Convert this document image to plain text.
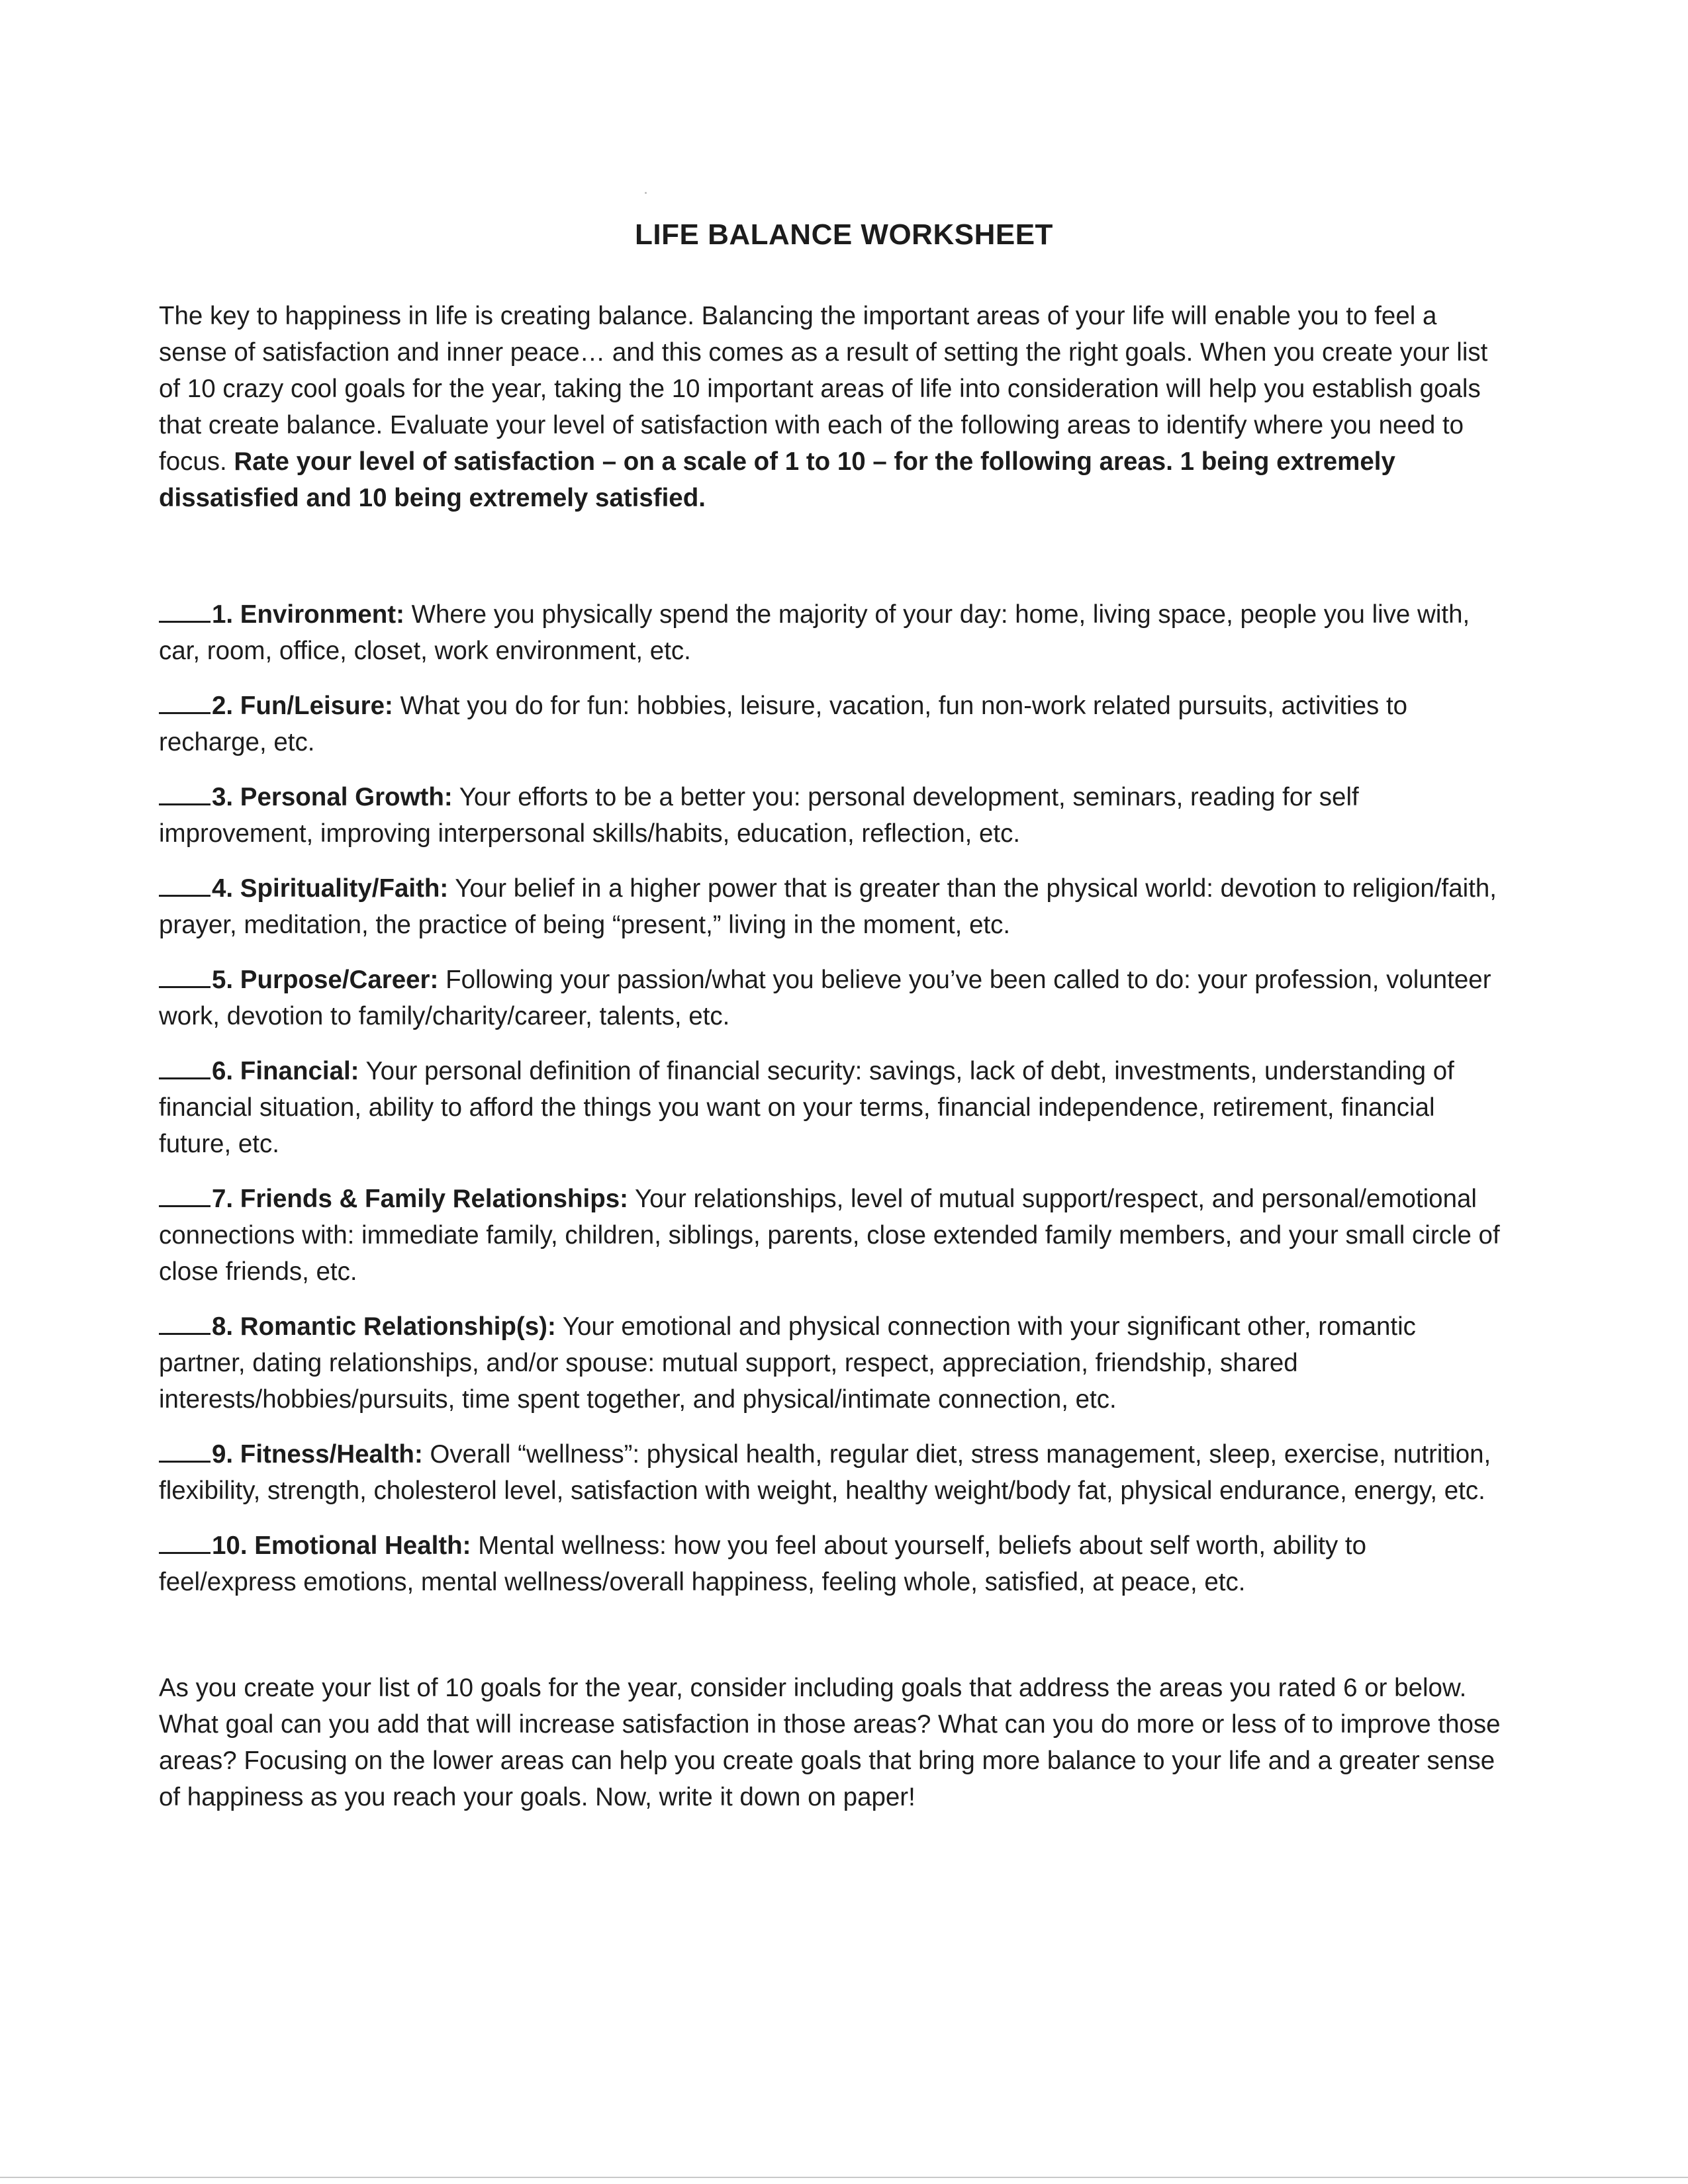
LIFE BALANCE WORKSHEET

The key to happiness in life is creating balance. Balancing the important areas of your life will enable you to feel a sense of satisfaction and inner peace… and this comes as a result of setting the right goals. When you create your list of 10 crazy cool goals for the year, taking the 10 important areas of life into consideration will help you establish goals that create balance. Evaluate your level of satisfaction with each of the following areas to identify where you need to focus. Rate your level of satisfaction – on a scale of 1 to 10 – for the following areas. 1 being extremely dissatisfied and 10 being extremely satisfied.

1. Environment: Where you physically spend the majority of your day: home, living space, people you live with, car, room, office, closet, work environment, etc.

2. Fun/Leisure: What you do for fun: hobbies, leisure, vacation, fun non-work related pursuits, activities to recharge, etc.

3. Personal Growth: Your efforts to be a better you: personal development, seminars, reading for self improvement, improving interpersonal skills/habits, education, reflection, etc.

4. Spirituality/Faith: Your belief in a higher power that is greater than the physical world: devotion to religion/faith, prayer, meditation, the practice of being “present,” living in the moment, etc.

5. Purpose/Career: Following your passion/what you believe you’ve been called to do: your profession, volunteer work, devotion to family/charity/career, talents, etc.

6. Financial: Your personal definition of financial security: savings, lack of debt, investments, understanding of financial situation, ability to afford the things you want on your terms, financial independence, retirement, financial future, etc.

7. Friends & Family Relationships: Your relationships, level of mutual support/respect, and personal/emotional connections with: immediate family, children, siblings, parents, close extended family members, and your small circle of close friends, etc.

8. Romantic Relationship(s): Your emotional and physical connection with your significant other, romantic partner, dating relationships, and/or spouse: mutual support, respect, appreciation, friendship, shared interests/hobbies/pursuits, time spent together, and physical/intimate connection, etc.

9. Fitness/Health: Overall “wellness”: physical health, regular diet, stress management, sleep, exercise, nutrition, flexibility, strength, cholesterol level, satisfaction with weight, healthy weight/body fat, physical endurance, energy, etc.

10. Emotional Health: Mental wellness: how you feel about yourself, beliefs about self worth, ability to feel/express emotions, mental wellness/overall happiness, feeling whole, satisfied, at peace, etc.

As you create your list of 10 goals for the year, consider including goals that address the areas you rated 6 or below. What goal can you add that will increase satisfaction in those areas? What can you do more or less of to improve those areas? Focusing on the lower areas can help you create goals that bring more balance to your life and a greater sense of happiness as you reach your goals. Now, write it down on paper!
